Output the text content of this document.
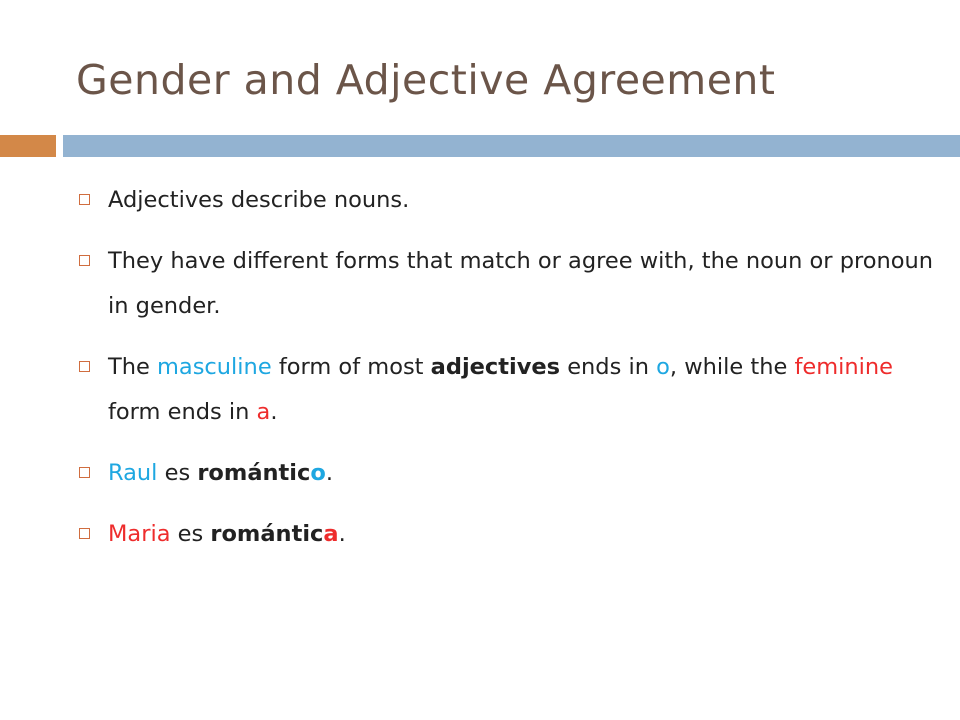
Gender and Adjective Agreement
Adjectives describe nouns.
They have different forms that match or agree with, the noun or pronoun in gender.
The masculine form of most adjectives ends in o, while the feminine form ends in a.
Raul es romántico.
Maria es romántica.
